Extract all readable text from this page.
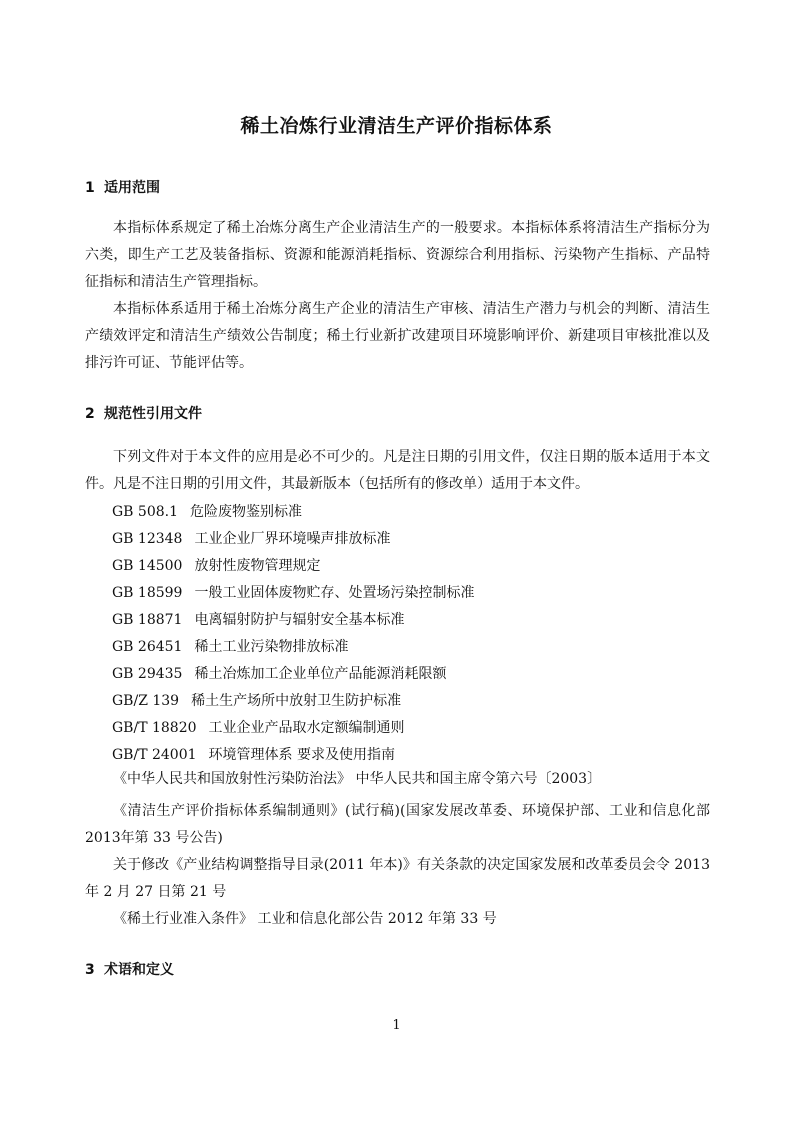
稀土冶炼行业清洁生产评价指标体系
1 适用范围
本指标体系规定了稀土冶炼分离生产企业清洁生产的一般要求。本指标体系将清洁生产指标分为六类，即生产工艺及装备指标、资源和能源消耗指标、资源综合利用指标、污染物产生指标、产品特征指标和清洁生产管理指标。
本指标体系适用于稀土冶炼分离生产企业的清洁生产审核、清洁生产潜力与机会的判断、清洁生产绩效评定和清洁生产绩效公告制度；稀土行业新扩改建项目环境影响评价、新建项目审核批准以及排污许可证、节能评估等。
2 规范性引用文件
下列文件对于本文件的应用是必不可少的。凡是注日期的引用文件，仅注日期的版本适用于本文件。凡是不注日期的引用文件，其最新版本（包括所有的修改单）适用于本文件。
GB 508.1 危险废物鉴别标准
GB 12348 工业企业厂界环境噪声排放标准
GB 14500 放射性废物管理规定
GB 18599 一般工业固体废物贮存、处置场污染控制标准
GB 18871 电离辐射防护与辐射安全基本标准
GB 26451 稀土工业污染物排放标准
GB 29435 稀土冶炼加工企业单位产品能源消耗限额
GB/Z 139 稀土生产场所中放射卫生防护标准
GB/T 18820 工业企业产品取水定额编制通则
GB/T 24001 环境管理体系 要求及使用指南
《中华人民共和国放射性污染防治法》 中华人民共和国主席令第六号〔2003〕
《清洁生产评价指标体系编制通则》(试行稿)(国家发展改革委、环境保护部、工业和信息化部 2013年第 33 号公告)
关于修改《产业结构调整指导目录(2011 年本)》有关条款的决定国家发展和改革委员会令 2013 年 2 月 27 日第 21 号
《稀土行业准入条件》 工业和信息化部公告 2012 年第 33 号
3 术语和定义
1
